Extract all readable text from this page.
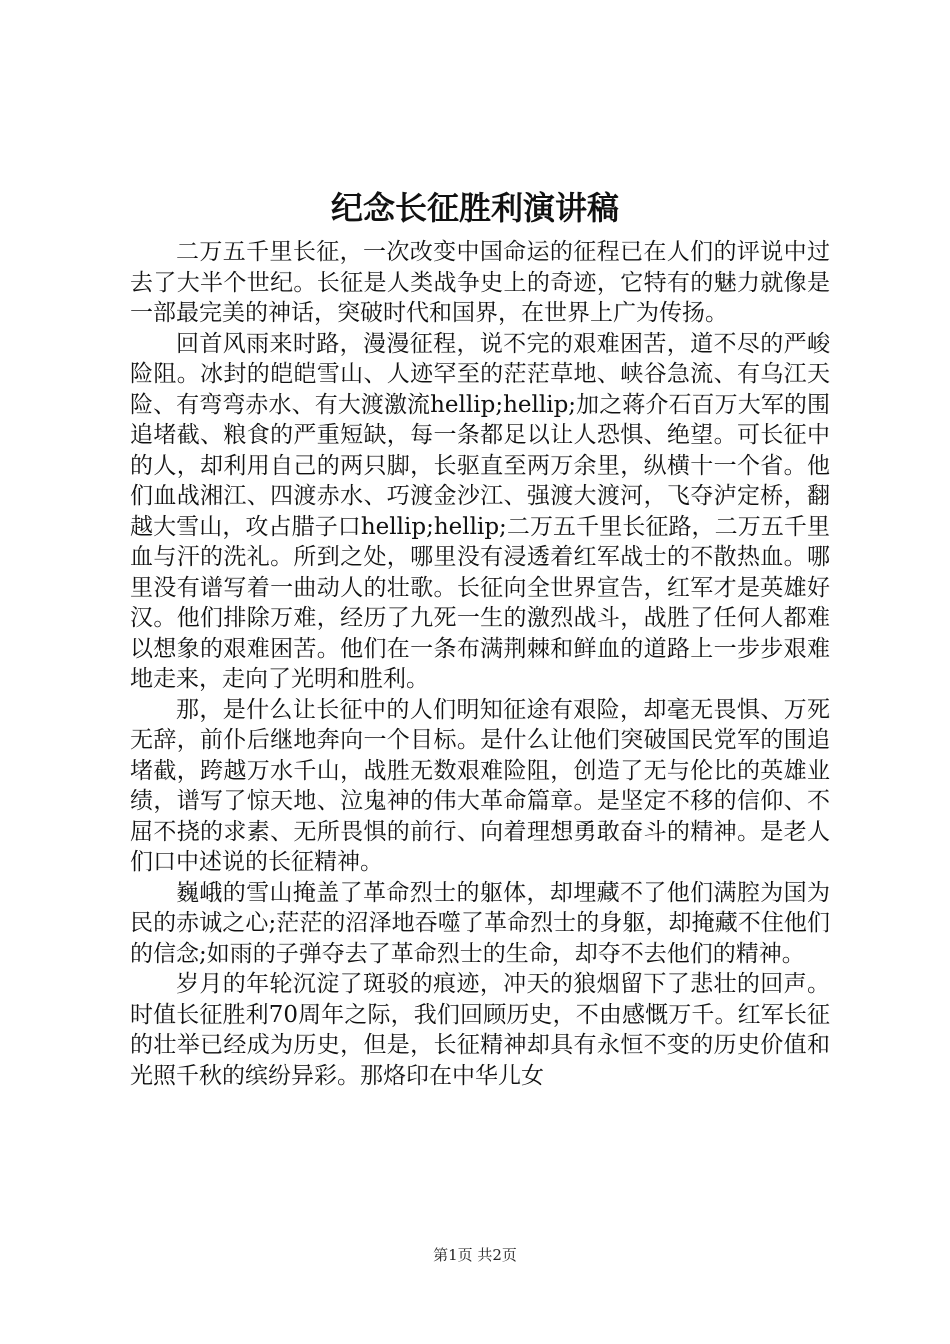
纪念长征胜利演讲稿

二万五千里长征，一次改变中国命运的征程已在人们的评说中过去了大半个世纪。长征是人类战争史上的奇迹，它特有的魅力就像是一部最完美的神话，突破时代和国界，在世界上广为传扬。

回首风雨来时路，漫漫征程，说不完的艰难困苦，道不尽的严峻险阻。冰封的皑皑雪山、人迹罕至的茫茫草地、峡谷急流、有乌江天险、有弯弯赤水、有大渡激流hellip;hellip;加之蒋介石百万大军的围追堵截、粮食的严重短缺，每一条都足以让人恐惧、绝望。可长征中的人，却利用自己的两只脚，长驱直至两万余里，纵横十一个省。他们血战湘江、四渡赤水、巧渡金沙江、强渡大渡河，飞夺泸定桥，翻越大雪山，攻占腊子口hellip;hellip;二万五千里长征路，二万五千里血与汗的洗礼。所到之处，哪里没有浸透着红军战士的不散热血。哪里没有谱写着一曲动人的壮歌。长征向全世界宣告，红军才是英雄好汉。他们排除万难，经历了九死一生的激烈战斗，战胜了任何人都难以想象的艰难困苦。他们在一条布满荆棘和鲜血的道路上一步步艰难地走来，走向了光明和胜利。

那，是什么让长征中的人们明知征途有艰险，却毫无畏惧、万死无辞，前仆后继地奔向一个目标。是什么让他们突破国民党军的围追堵截，跨越万水千山，战胜无数艰难险阻，创造了无与伦比的英雄业绩，谱写了惊天地、泣鬼神的伟大革命篇章。是坚定不移的信仰、不屈不挠的求素、无所畏惧的前行、向着理想勇敢奋斗的精神。是老人们口中述说的长征精神。

巍峨的雪山掩盖了革命烈士的躯体，却埋藏不了他们满腔为国为民的赤诚之心;茫茫的沼泽地吞噬了革命烈士的身躯，却掩藏不住他们的信念;如雨的子弹夺去了革命烈士的生命，却夺不去他们的精神。

岁月的年轮沉淀了斑驳的痕迹，冲天的狼烟留下了悲壮的回声。时值长征胜利70周年之际，我们回顾历史，不由感慨万千。红军长征的壮举已经成为历史，但是，长征精神却具有永恒不变的历史价值和光照千秋的缤纷异彩。那烙印在中华儿女

第1页 共2页
